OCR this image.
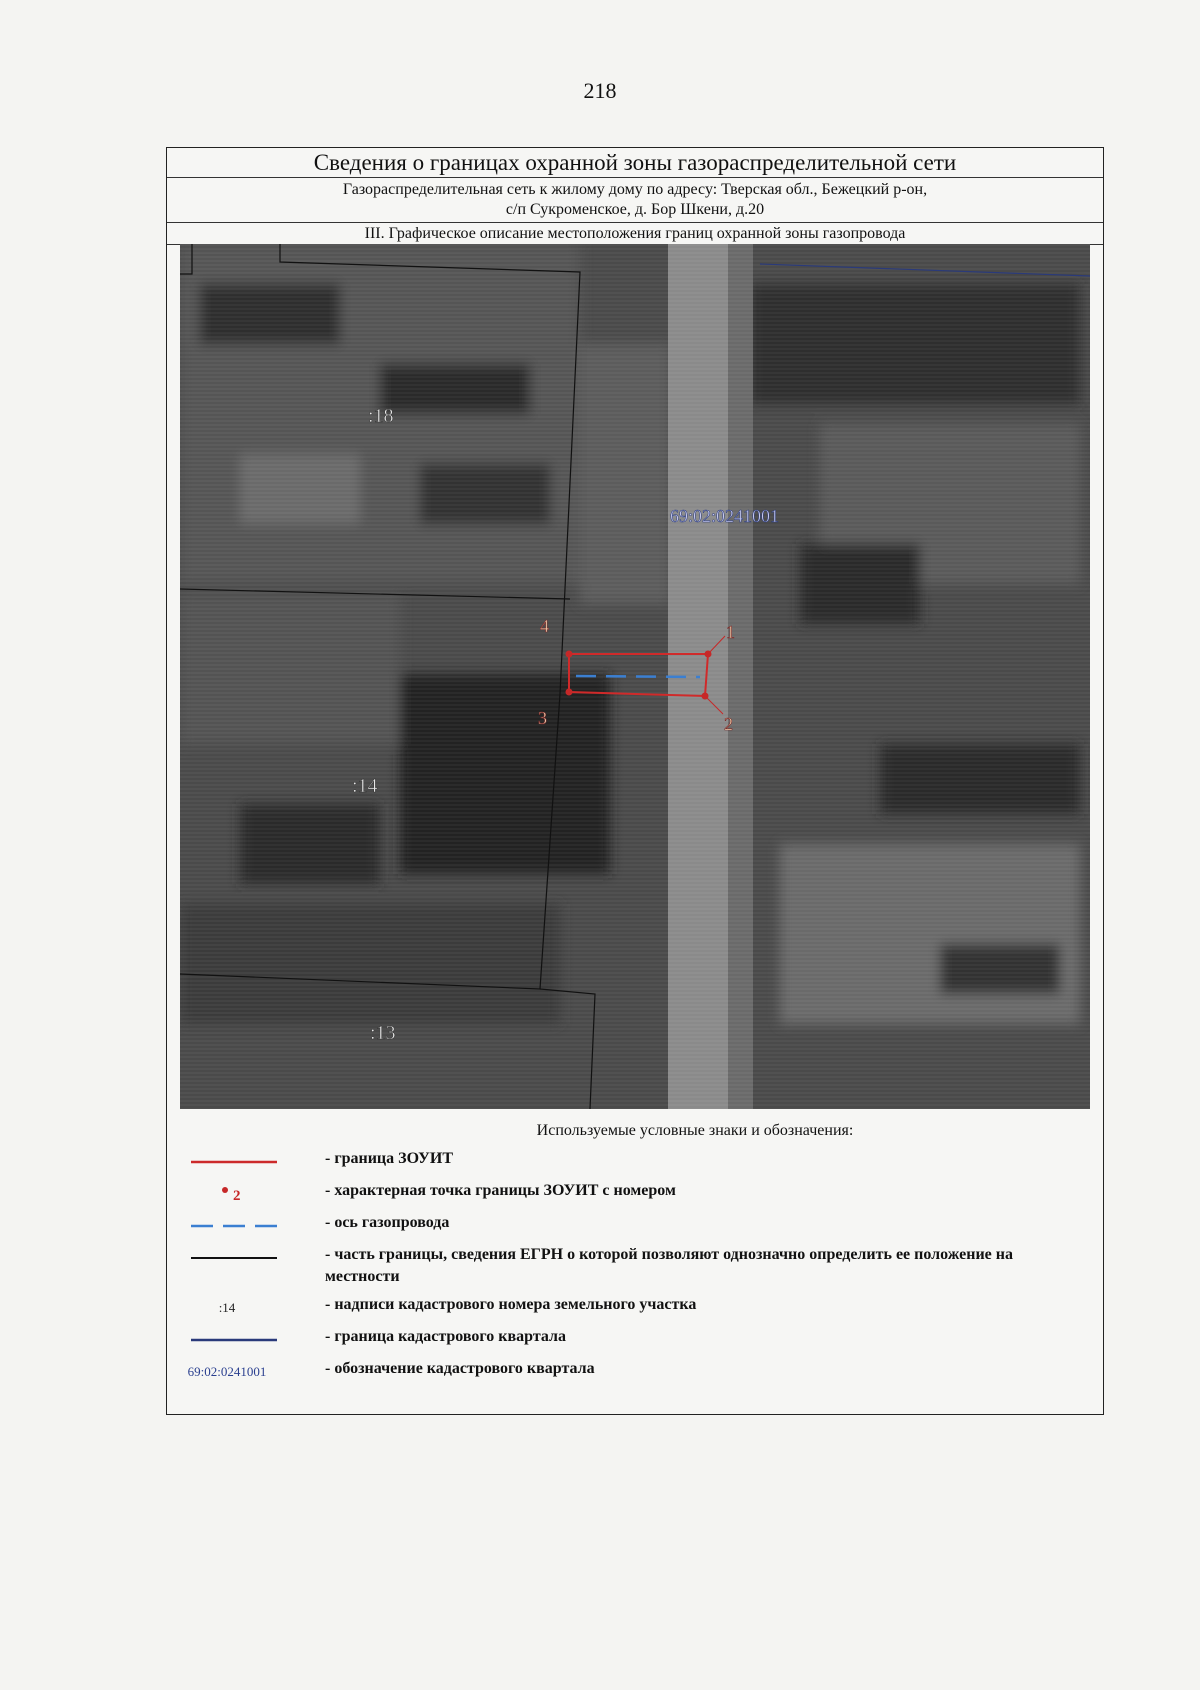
218
Сведения о границах охранной зоны газораспределительной сети
Газораспределительная сеть к жилому дому по адресу: Тверская обл., Бежецкий р-он,
с/п Сукроменское, д. Бор Шкени, д.20
III. Графическое описание местоположения границ охранной зоны газопровода
1
2
3
4
:18
:14
:13
69:02:0241001
Используемые условные знаки и обозначения:
- граница ЗОУИТ
2	- характерная точка границы ЗОУИТ с номером
- ось газопровода
- часть границы, сведения ЕГРН о которой позволяют однозначно определить ее положение на местности
:14	- надписи кадастрового номера земельного участка
- граница кадастрового квартала
69:02:0241001	- обозначение кадастрового квартала
